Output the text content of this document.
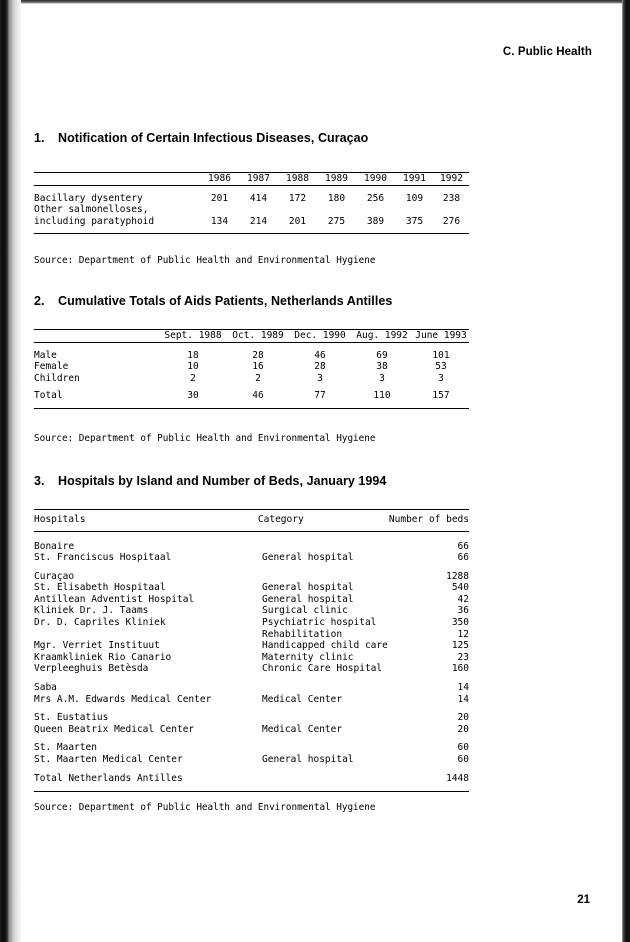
C. Public Health
1.	Notification of Certain Infectious Diseases, Curaçao
	1986	1987	1988	1989	1990	1991	1992

Bacillary dysentery	201	414	172	180	256	109	238
Other salmonelloses,							
including paratyphoid	134	214	201	275	389	375	276

Source: Department of Public Health and Environmental Hygiene
2.	Cumulative Totals of Aids Patients, Netherlands Antilles
	Sept. 1988	Oct. 1989	Dec. 1990	Aug. 1992	June 1993

Male	18	28	46	69	101
Female	10	16	28	38	53
Children	2	2	3	3	3

Total	30	46	77	110	157

Source: Department of Public Health and Environmental Hygiene
3.	Hospitals by Island and Number of Beds, January 1994
Hospitals	Category	Number of beds

Bonaire		66
St. Franciscus Hospitaal	General hospital	66

Curaçao		1288
St. Elisabeth Hospitaal	General hospital	540
Antillean Adventist Hospital	General hospital	42
Kliniek Dr. J. Taams	Surgical clinic	36
Dr. D. Capriles Kliniek	Psychiatric hospital	350
	Rehabilitation	12
Mgr. Verriet Instituut	Handicapped child care	125
Kraamkliniek Rio Canario	Maternity clinic	23
Verpleeghuis Betèsda	Chronic Care Hospital	160

Saba		14
Mrs A.M. Edwards Medical Center	Medical Center	14

St. Eustatius		20
Queen Beatrix Medical Center	Medical Center	20

St. Maarten		60
St. Maarten Medical Center	General hospital	60

Total Netherlands Antilles		1448

Source: Department of Public Health and Environmental Hygiene
21
